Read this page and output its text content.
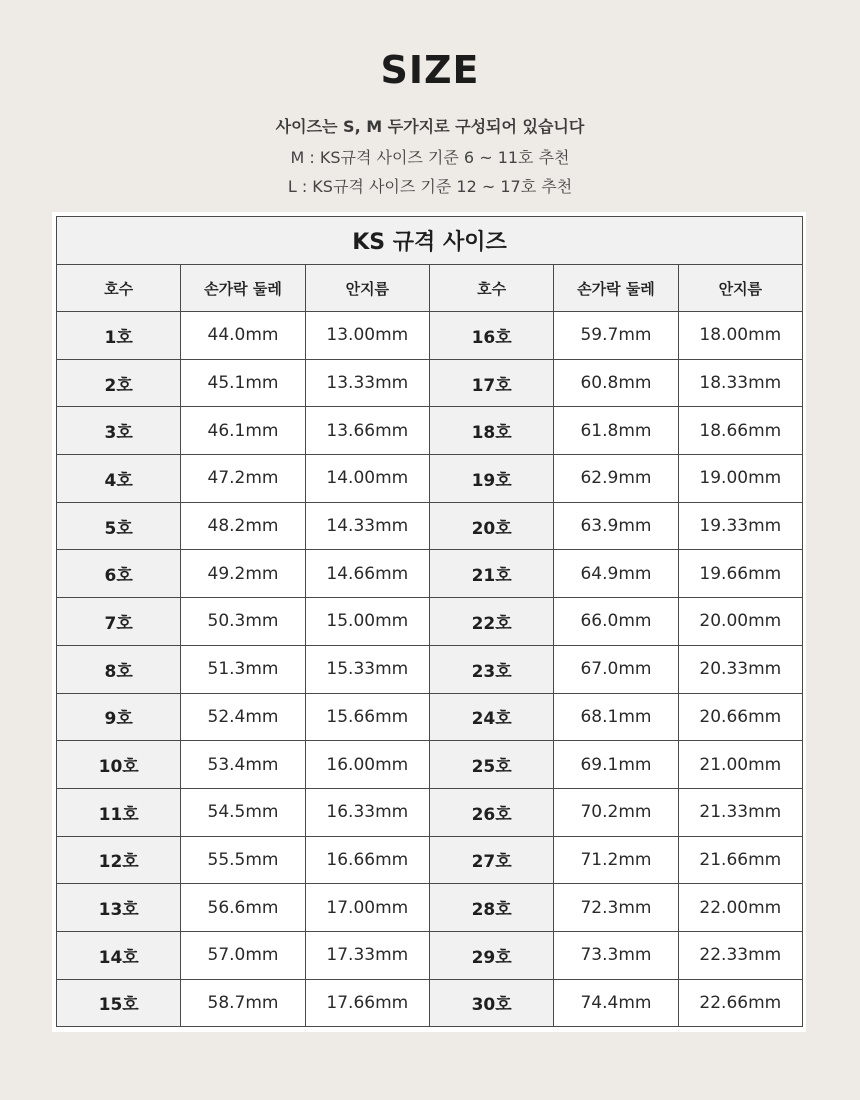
SIZE
사이즈는 S, M 두가지로 구성되어 있습니다
M : KS규격 사이즈 기준 6 ~ 11호 추천
L : KS규격 사이즈 기준 12 ~ 17호 추천
KS 규격 사이즈					
호수	손가락 둘레	안지름	호수	손가락 둘레	안지름
1호	44.0mm	13.00mm	16호	59.7mm	18.00mm
2호	45.1mm	13.33mm	17호	60.8mm	18.33mm
3호	46.1mm	13.66mm	18호	61.8mm	18.66mm
4호	47.2mm	14.00mm	19호	62.9mm	19.00mm
5호	48.2mm	14.33mm	20호	63.9mm	19.33mm
6호	49.2mm	14.66mm	21호	64.9mm	19.66mm
7호	50.3mm	15.00mm	22호	66.0mm	20.00mm
8호	51.3mm	15.33mm	23호	67.0mm	20.33mm
9호	52.4mm	15.66mm	24호	68.1mm	20.66mm
10호	53.4mm	16.00mm	25호	69.1mm	21.00mm
11호	54.5mm	16.33mm	26호	70.2mm	21.33mm
12호	55.5mm	16.66mm	27호	71.2mm	21.66mm
13호	56.6mm	17.00mm	28호	72.3mm	22.00mm
14호	57.0mm	17.33mm	29호	73.3mm	22.33mm
15호	58.7mm	17.66mm	30호	74.4mm	22.66mm
